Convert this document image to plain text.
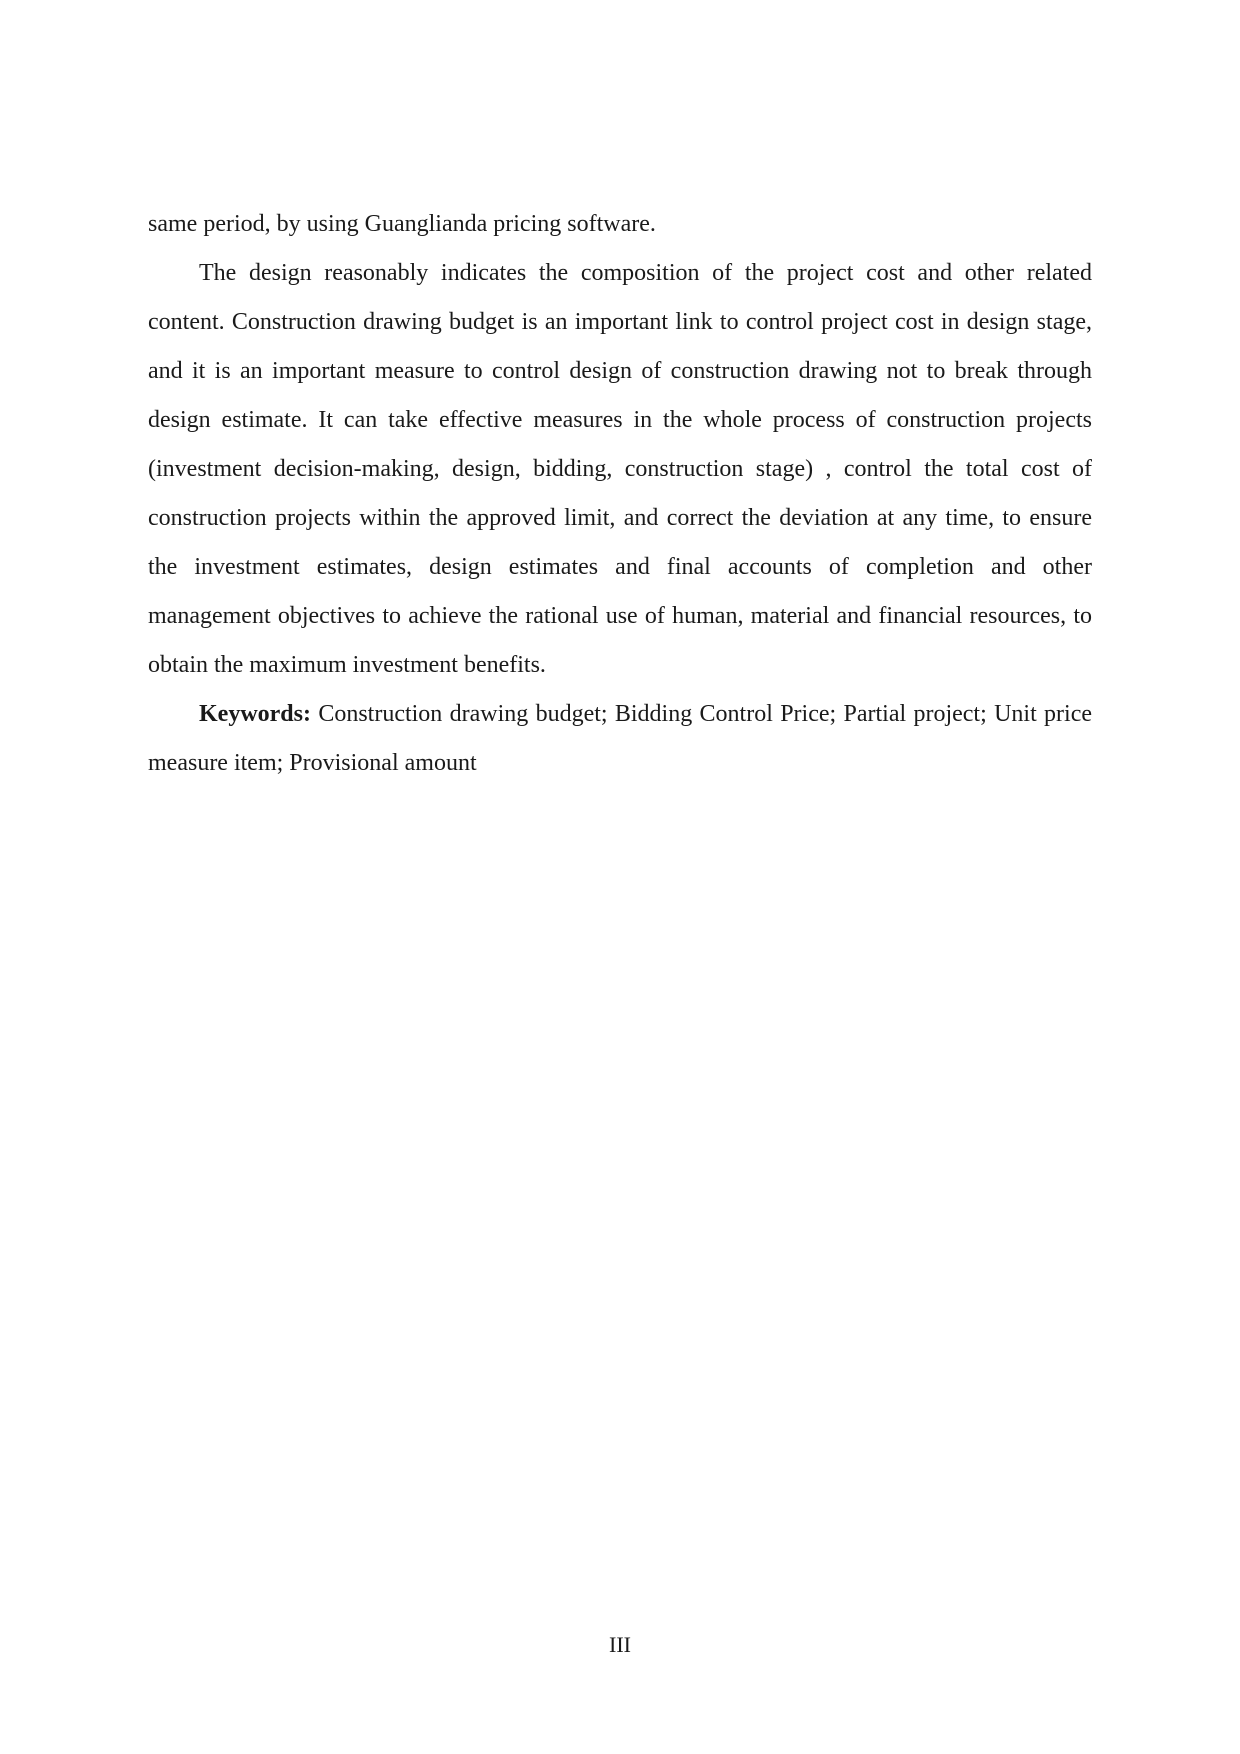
same period, by using Guanglianda pricing software.

The design reasonably indicates the composition of the project cost and other related content. Construction drawing budget is an important link to control project cost in design stage, and it is an important measure to control design of construction drawing not to break through design estimate. It can take effective measures in the whole process of construction projects (investment decision-making, design, bidding, construction stage) , control the total cost of construction projects within the approved limit, and correct the deviation at any time, to ensure the investment estimates, design estimates and final accounts of completion and other management objectives to achieve the rational use of human, material and financial resources, to obtain the maximum investment benefits.

Keywords: Construction drawing budget; Bidding Control Price; Partial project; Unit price measure item; Provisional amount

III
